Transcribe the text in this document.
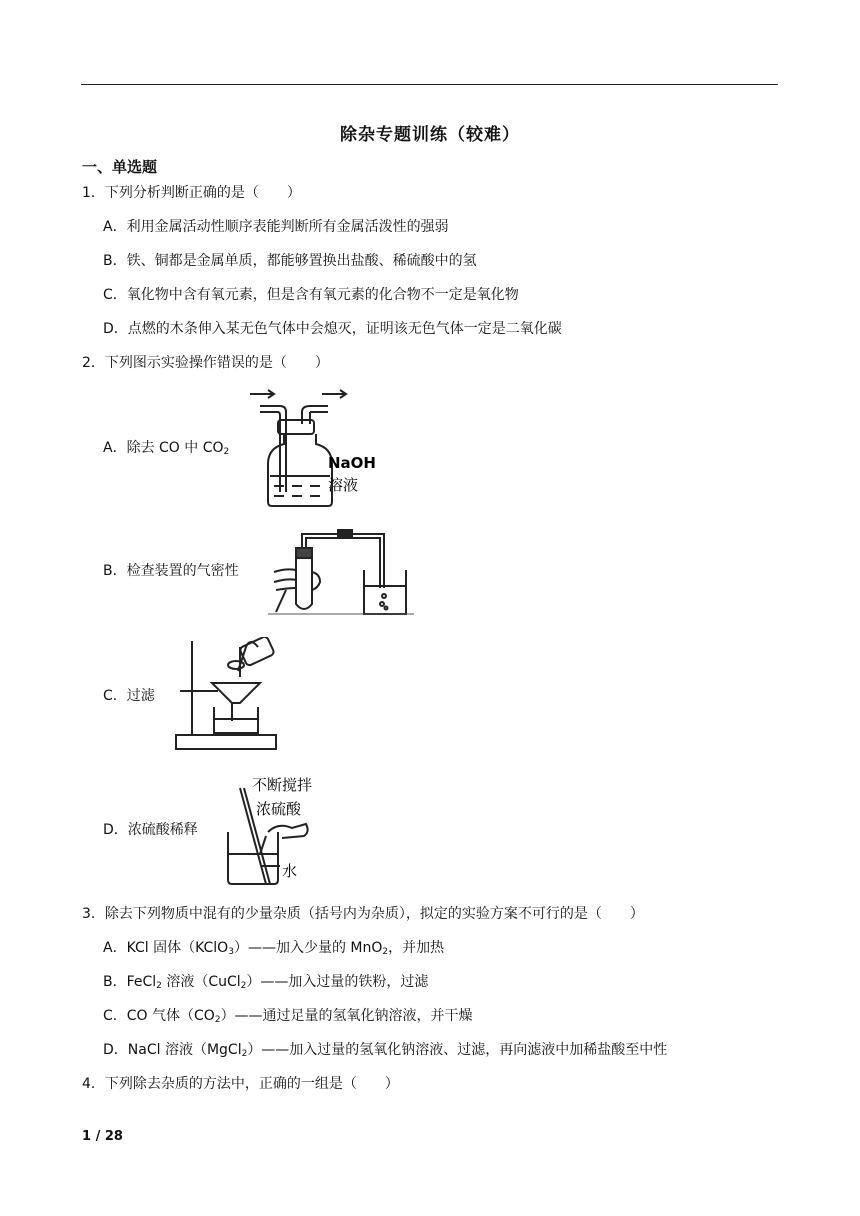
除杂专题训练（较难）
一、单选题
1．下列分析判断正确的是（　　）
A．利用金属活动性顺序表能判断所有金属活泼性的强弱
B．铁、铜都是金属单质，都能够置换出盐酸、稀硫酸中的氢
C．氧化物中含有氧元素，但是含有氧元素的化合物不一定是氧化物
D．点燃的木条伸入某无色气体中会熄灭，证明该无色气体一定是二氧化碳
2．下列图示实验操作错误的是（　　）
A．除去 CO 中 $CO_2$
NaOH
溶液
B．检查装置的气密性
C．过滤
D．浓硫酸稀释
不断搅拌
浓硫酸
水
3．除去下列物质中混有的少量杂质（括号内为杂质），拟定的实验方案不可行的是（　　）
A．KCl 固体（KClO$_3$）——加入少量的 MnO$_2$，并加热
B．FeCl$_2$ 溶液（CuCl$_2$）——加入过量的铁粉，过滤
C．CO 气体$(CO_2)——$通过足量的氢氧化钠溶液，并干燥
D．NaCl 溶液（MgCl$_2$）——加入过量的氢氧化钠溶液、过滤，再向滤液中加稀盐酸至中性
4．下列除去杂质的方法中，正确的一组是（　　）
1 / 28
